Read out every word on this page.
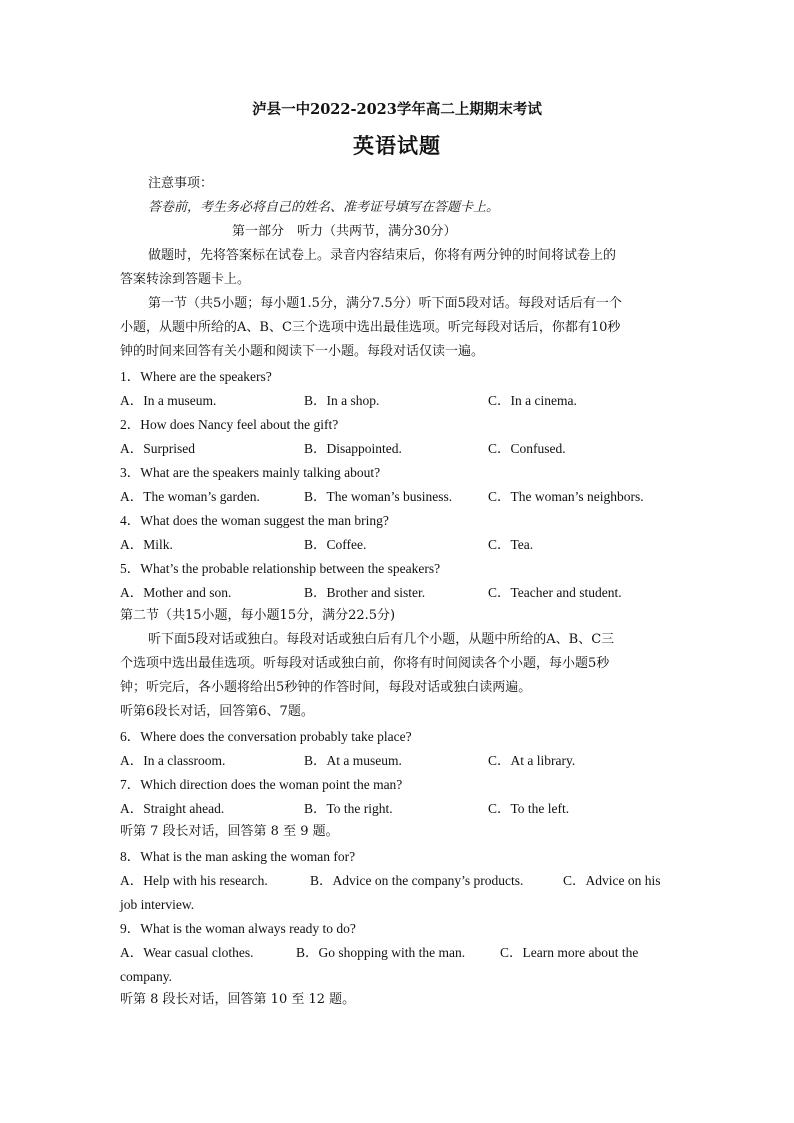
泸县一中2022-2023学年高二上期期末考试
英语试题
注意事项：
答卷前，考生务必将自己的姓名、准考证号填写在答题卡上。
第一部分　听力（共两节，满分30分）
做题时，先将答案标在试卷上。录音内容结束后，你将有两分钟的时间将试卷上的
答案转涂到答题卡上。
第一节（共5小题；每小题1.5分，满分7.5分）听下面5段对话。每段对话后有一个
小题，从题中所给的A、B、C三个选项中选出最佳选项。听完每段对话后，你都有10秒
钟的时间来回答有关小题和阅读下一小题。每段对话仅读一遍。
1．Where are the speakers?
A．In a museum.	B．In a shop.	C．In a cinema.
2．How does Nancy feel about the gift?
A．Surprised	B．Disappointed.	C．Confused.
3．What are the speakers mainly talking about?
A．The woman’s garden.	B．The woman’s business.	C．The woman’s neighbors.
4．What does the woman suggest the man bring?
A．Milk.	B．Coffee.	C．Tea.
5．What’s the probable relationship between the speakers?
A．Mother and son.	B．Brother and sister.	C．Teacher and student.
第二节（共15小题，每小题15分，满分22.5分)
听下面5段对话或独白。每段对话或独白后有几个小题，从题中所给的A、B、C三
个选项中选出最佳选项。听每段对话或独白前，你将有时间阅读各个小题，每小题5秒
钟；听完后，各小题将给出5秒钟的作答时间，每段对话或独白读两遍。
听第6段长对话，回答第6、7题。
6．Where does the conversation probably take place?
A．In a classroom.	B．At a museum.	C．At a library.
7．Which direction does the woman point the man?
A．Straight ahead.	B．To the right.	C．To the left.
听第 7 段长对话，回答第 8 至 9 题。
8．What is the man asking the woman for?
A．Help with his research.	B．Advice on the company’s products.	C．Advice on his
job interview.
9．What is the woman always ready to do?
A．Wear casual clothes.	B．Go shopping with the man.	C．Learn more about the
company.
听第 8 段长对话，回答第 10 至 12 题。
